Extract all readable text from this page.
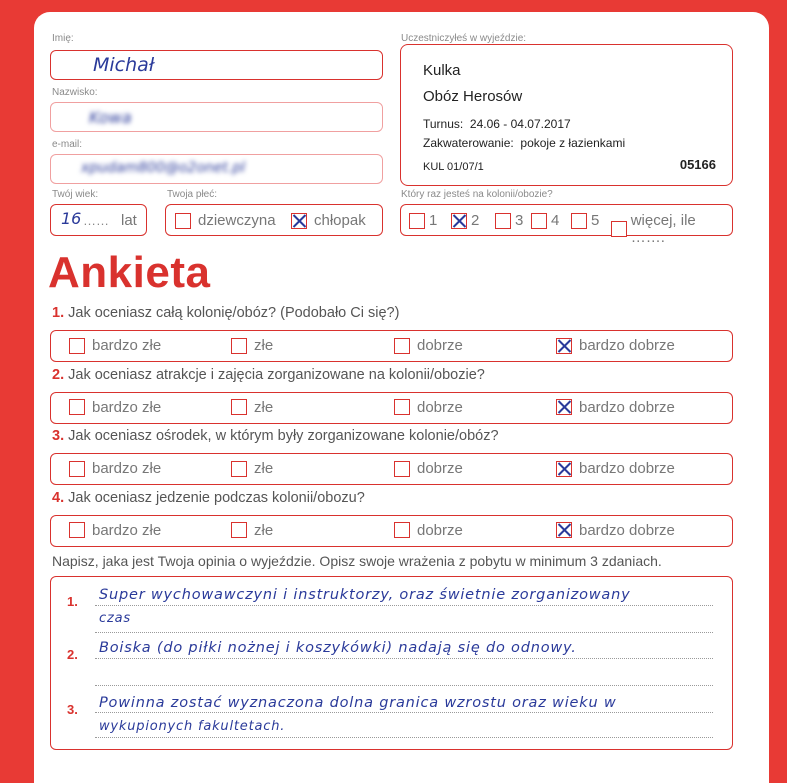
Imię:
Michał
Nazwisko:
Kowa
e-mail:
xpudam800@o2onet.pl
Twój wiek:
16 …… lat
Twoja płeć:
dziewczyna	chłopak
Uczestniczyłeś w wyjeździe:
Kulka
Obóz Herosów
Turnus: 24.06 - 04.07.2017
Zakwaterowanie: pokoje z łazienkami
KUL 01/07/1	05166
Który raz jesteś na kolonii/obozie?
1 2 3 4 5 więcej, ile …….
Ankieta
1. Jak oceniasz całą kolonię/obóz? (Podobało Ci się?)
bardzo złe	złe	dobrze	bardzo dobrze
2. Jak oceniasz atrakcje i zajęcia zorganizowane na kolonii/obozie?
bardzo złe	złe	dobrze	bardzo dobrze
3. Jak oceniasz ośrodek, w którym były zorganizowane kolonie/obóz?
bardzo złe	złe	dobrze	bardzo dobrze
4. Jak oceniasz jedzenie podczas kolonii/obozu?
bardzo złe	złe	dobrze	bardzo dobrze
Napisz, jaka jest Twoja opinia o wyjeździe. Opisz swoje wrażenia z pobytu w minimum 3 zdaniach.
1. Super wychowawczyni i instruktorzy, oraz świetnie zorganizowany
czas
2. Boiska (do piłki nożnej i koszykówki) nadają się do odnowy.
3. Powinna zostać wyznaczona dolna granica wzrostu oraz wieku w
wykupionych fakultetach.
